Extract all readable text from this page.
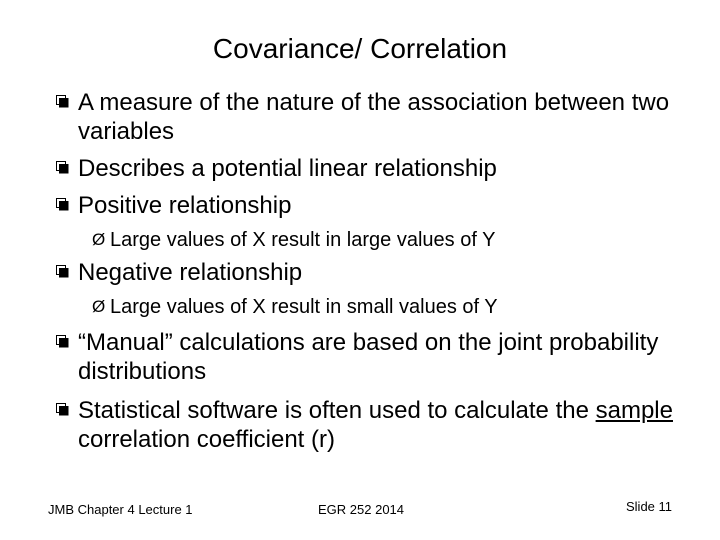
Covariance/ Correlation
A measure of the nature of the association between two variables
Describes a potential linear relationship
Positive relationship
Ø Large values of X result in large values of Y
Negative relationship
Ø Large values of X result in small values of Y
“Manual” calculations are based on the joint probability distributions
Statistical software is often used to calculate the sample correlation coefficient (r)
JMB Chapter 4 Lecture 1	EGR 252 2014	Slide 11
